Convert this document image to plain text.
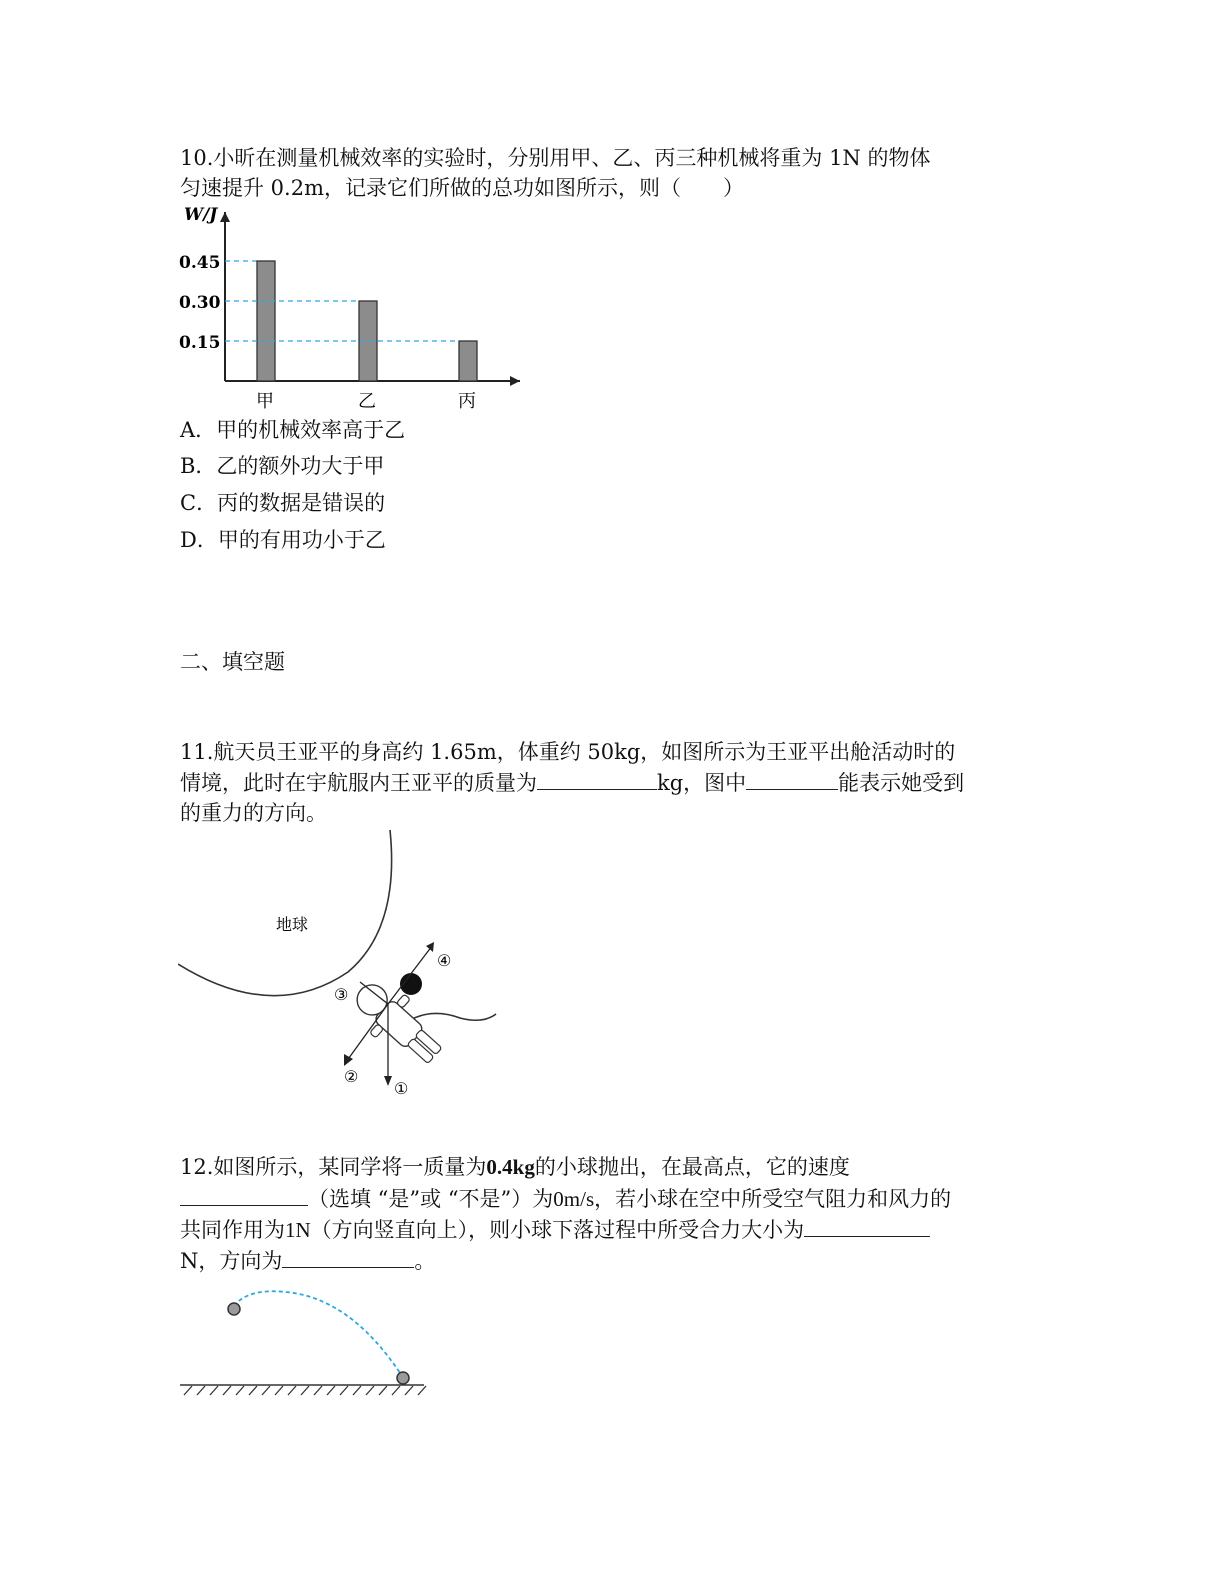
10.小昕在测量机械效率的实验时，分别用甲、乙、丙三种机械将重为 1N 的物体
匀速提升 0.2m，记录它们所做的总功如图所示，则（　　）
W/J
0.45
甲
0.30
乙
0.15
丙
A．甲的机械效率高于乙
B．乙的额外功大于甲
C．丙的数据是错误的
D．甲的有用功小于乙
二、填空题
11.航天员王亚平的身高约 1.65m，体重约 50kg，如图所示为王亚平出舱活动时的
情境，此时在宇航服内王亚平的质量为	kg，图中	能表示她受到
的重力的方向。
地球
①
②
③
④
12.如图所示，某同学将一质量为0.4kg的小球抛出，在最高点，它的速度
（选填 “是”或 “不是”）为0m/s，若小球在空中所受空气阻力和风力的
共同作用为1N（方向竖直向上），则小球下落过程中所受合力大小为
N，方向为	。
